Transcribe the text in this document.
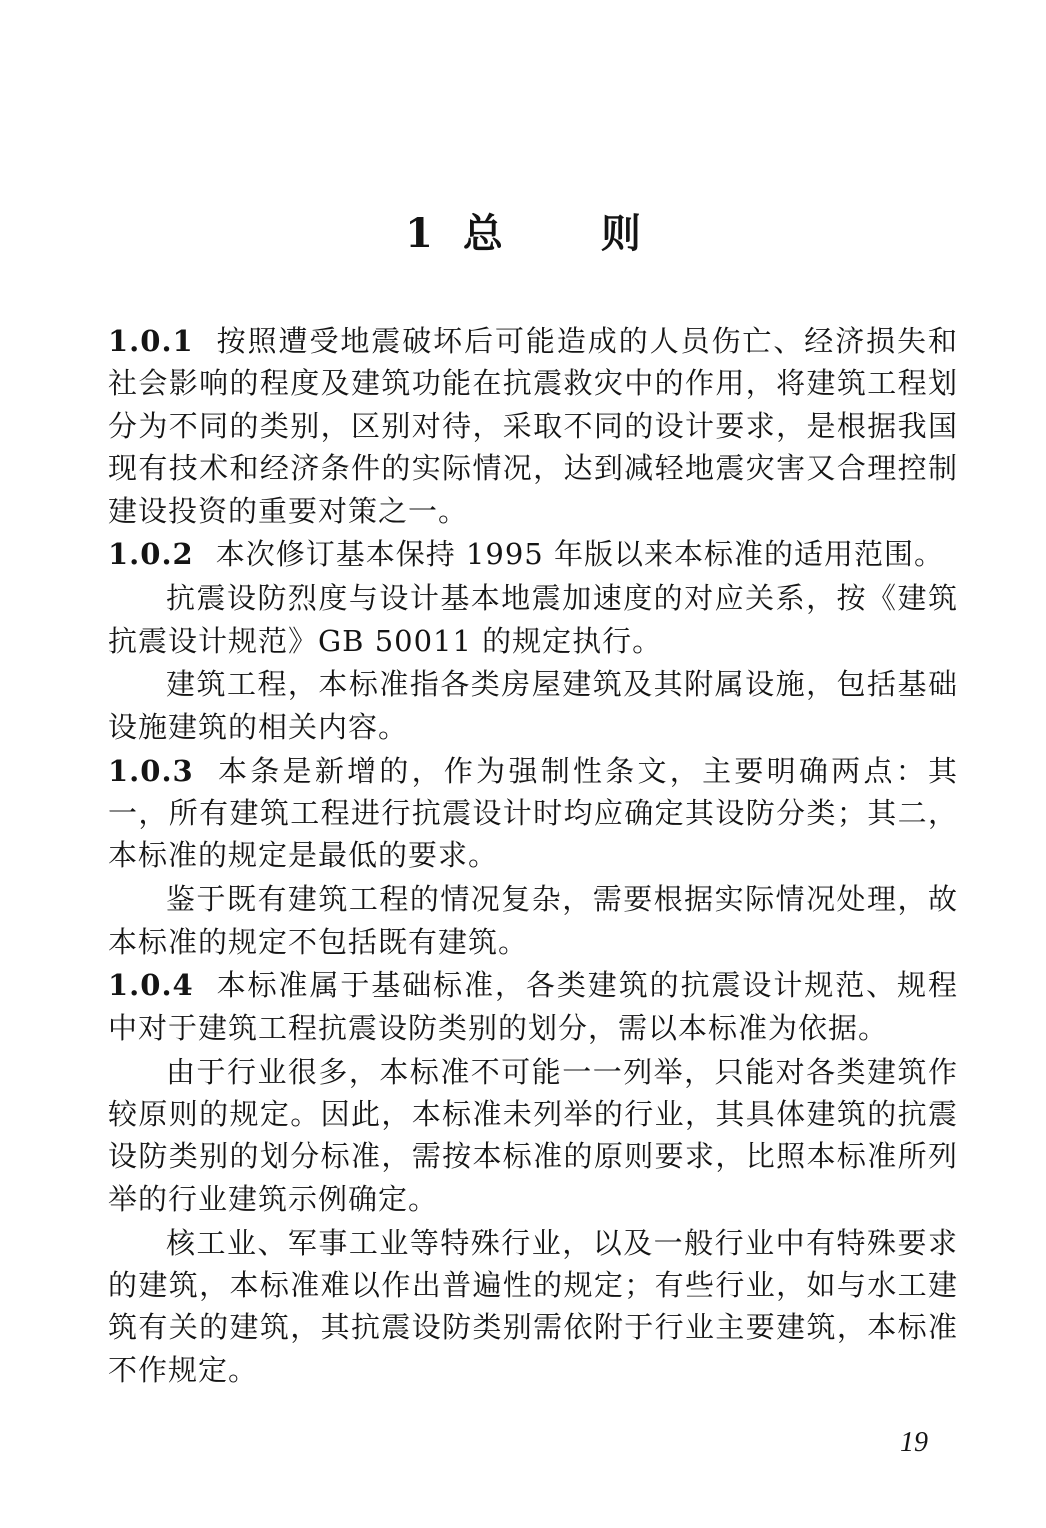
1 总 则

1.0.1 按照遭受地震破坏后可能造成的人员伤亡、经济损失和社会影响的程度及建筑功能在抗震救灾中的作用，将建筑工程划分为不同的类别，区别对待，采取不同的设计要求，是根据我国现有技术和经济条件的实际情况，达到减轻地震灾害又合理控制建设投资的重要对策之一。

1.0.2 本次修订基本保持 1995 年版以来本标准的适用范围。

抗震设防烈度与设计基本地震加速度的对应关系，按《建筑抗震设计规范》GB 50011 的规定执行。

建筑工程，本标准指各类房屋建筑及其附属设施，包括基础设施建筑的相关内容。

1.0.3 本条是新增的，作为强制性条文，主要明确两点：其一，所有建筑工程进行抗震设计时均应确定其设防分类；其二，本标准的规定是最低的要求。

鉴于既有建筑工程的情况复杂，需要根据实际情况处理，故本标准的规定不包括既有建筑。

1.0.4 本标准属于基础标准，各类建筑的抗震设计规范、规程中对于建筑工程抗震设防类别的划分，需以本标准为依据。

由于行业很多，本标准不可能一一列举，只能对各类建筑作较原则的规定。因此，本标准未列举的行业，其具体建筑的抗震设防类别的划分标准，需按本标准的原则要求，比照本标准所列举的行业建筑示例确定。

核工业、军事工业等特殊行业，以及一般行业中有特殊要求的建筑，本标准难以作出普遍性的规定；有些行业，如与水工建筑有关的建筑，其抗震设防类别需依附于行业主要建筑，本标准不作规定。

19
